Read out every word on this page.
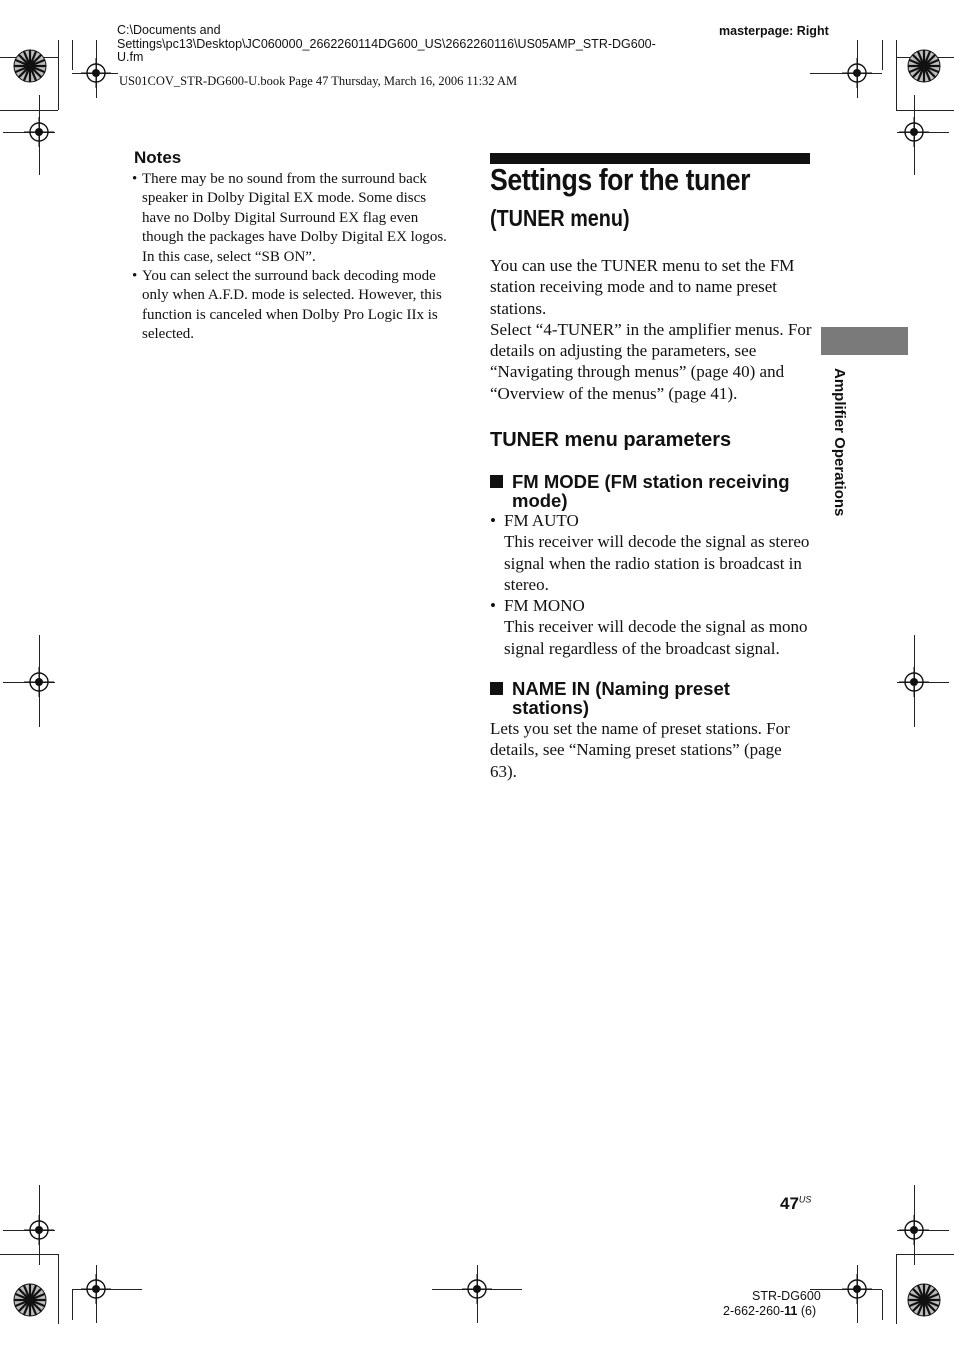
C:\Documents and
Settings\pc13\Desktop\JC060000_2662260114DG600_US\2662260116\US05AMP_STR-DG600-
U.fm
US01COV_STR-DG600-U.book Page 47 Thursday, March 16, 2006 11:32 AM
masterpage: Right
Notes
• There may be no sound from the surround back speaker in Dolby Digital EX mode. Some discs have no Dolby Digital Surround EX flag even though the packages have Dolby Digital EX logos. In this case, select “SB ON”.
• You can select the surround back decoding mode only when A.F.D. mode is selected. However, this function is canceled when Dolby Pro Logic IIx is selected.
Settings for the tuner
(TUNER menu)

You can use the TUNER menu to set the FM station receiving mode and to name preset stations.

Select “4-TUNER” in the amplifier menus. For details on adjusting the parameters, see “Navigating through menus” (page 40) and “Overview of the menus” (page 41).

TUNER menu parameters
FM MODE (FM station receiving mode)
• FM AUTO
This receiver will decode the signal as stereo signal when the radio station is broadcast in stereo.
• FM MONO
This receiver will decode the signal as mono signal regardless of the broadcast signal.
NAME IN (Naming preset stations)

Lets you set the name of preset stations. For details, see “Naming preset stations” (page 63).

Amplifier Operations
$47^{US}$
STR-DG600
2-662-260-11 (6)
